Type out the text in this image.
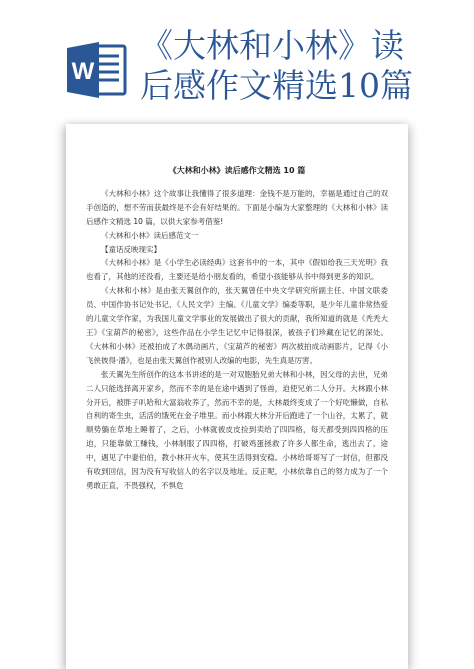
W
《大林和小林》读
后感作文精选10篇
《大林和小林》读后感作文精选 10 篇

《大林和小林》这个故事让我懂得了很多道理：金钱不是万能的，幸福是通过自己的双手创造的，想不劳而获最终是不会有好结果的。下面是小编为大家整理的《大林和小林》读后感作文精选 10 篇，以供大家参考借鉴!

《大林和小林》读后感范文一

【童话反映现实】

《大林和小林》是《小学生必读经典》这套书中的一本，其中《假如给我三天光明》我也看了，其他的还没看，主要还是给小朋友看的，希望小孩能够从书中得到更多的知识。

《大林和小林》是由张天翼创作的，张天翼曾任中央文学研究所副主任、中国文联委员、中国作协书记处书记、《人民文学》主编、《儿童文学》编委等职，是少年儿童非常热爱的儿童文学作家，为我国儿童文学事业的发展做出了很大的贡献，我所知道的就是《秃秃大王》《宝葫芦的秘密》，这些作品在小学生记忆中记得很深，被孩子们珍藏在记忆的深处。《大林和小林》还被拍成了木偶动画片，《宝葫芦的秘密》两次被拍成动画影片，记得《小飞侠彼得·潘》，也是由张天翼创作被别人改编的电影，先生真是厉害。

张天翼先生所创作的这本书讲述的是一对双胞胎兄弟大林和小林，因父母的去世，兄弟二人只能选择离开家乡，然而不幸的是在途中遇到了怪兽，迫使兄弟二人分开。大林跟小林分开后，被胖子叭哈和大富翁收养了，然而不幸的是，大林最终变成了一个好吃懒做，自私自利的寄生虫，活活的饿死在金子堆里。而小林跟大林分开后跑进了一个山谷，太累了，就顺势躺在草地上睡着了，之后，小林就被皮皮捡到卖给了四四格，每天都受到四四格的压迫，只能靠做工赚钱，小林制服了四四格，打破鸡蛋拯救了许多人都生命，逃出去了。途中，遇见了中妻伯伯，教小林开火车，使其生活得到安稳。小林给哥哥写了一封信，但都没有收到回信，因为没有写收信人的名字以及地址。反正呢，小林依靠自己的努力成为了一个勇敢正直，不畏强权，不惧危
